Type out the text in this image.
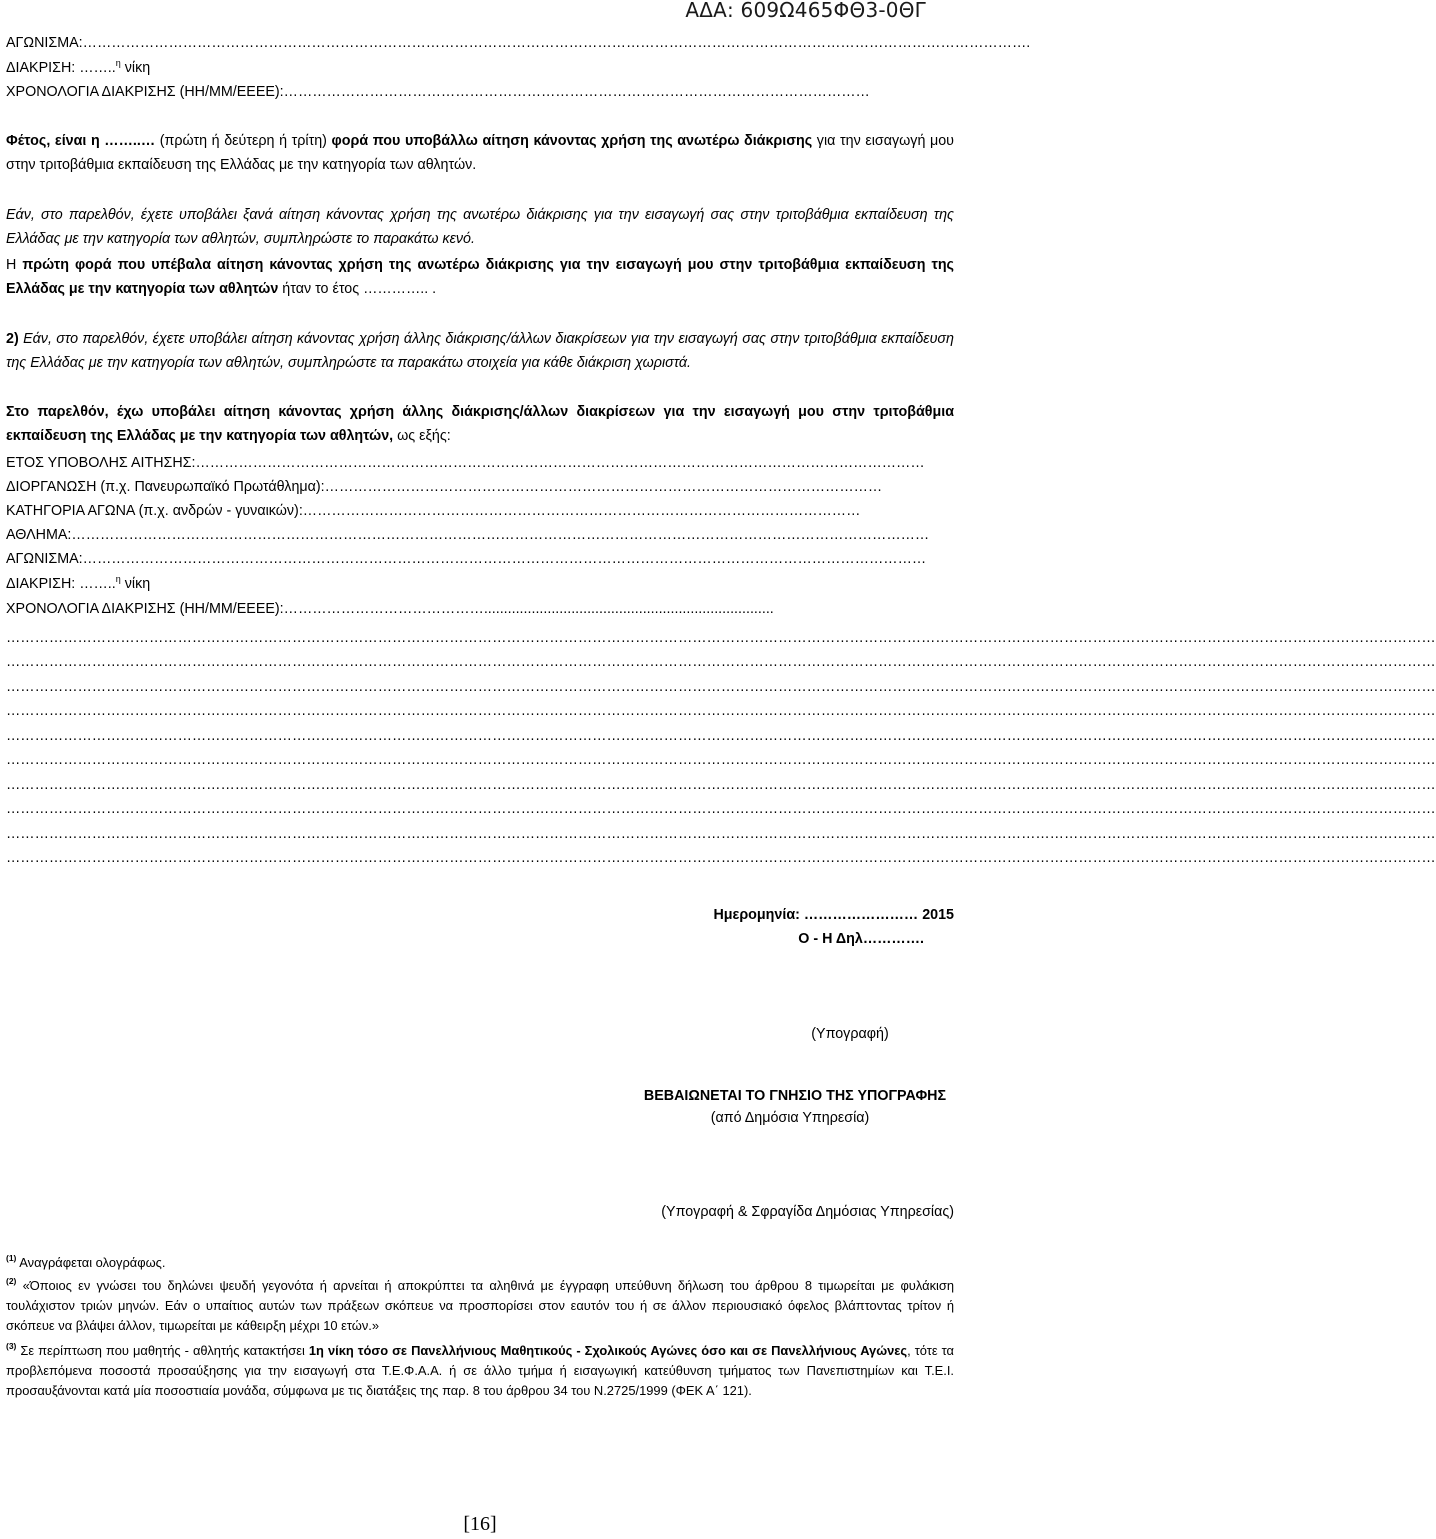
ΑΔΑ: 609Ω465ΦΘ3-0ΘΓ
ΑΓΩΝΙΣΜΑ: ……………………………………………………………………………………………………………………………………………………………………………….
ΔΙΑΚΡΙΣΗ: ……..$^\eta$ νίκη
ΧΡΟΝΟΛΟΓΙΑ ΔΙΑΚΡΙΣΗΣ (ΗΗ/ΜΜ/ΕΕΕΕ): ……………………………………………………………………………………………………………
Φέτος, είναι η ……..… (πρώτη ή δεύτερη ή τρίτη) φορά που υποβάλλω αίτηση κάνοντας χρήση της ανωτέρω διάκρισης για την εισαγωγή μου στην τριτοβάθμια εκπαίδευση της Ελλάδας με την κατηγορία των αθλητών.
Εάν, στο παρελθόν, έχετε υποβάλει ξανά αίτηση κάνοντας χρήση της ανωτέρω διάκρισης για την εισαγωγή σας στην τριτοβάθμια εκπαίδευση της Ελλάδας με την κατηγορία των αθλητών, συμπληρώστε το παρακάτω κενό.
Η πρώτη φορά που υπέβαλα αίτηση κάνοντας χρήση της ανωτέρω διάκρισης για την εισαγωγή μου στην τριτοβάθμια εκπαίδευση της Ελλάδας με την κατηγορία των αθλητών ήταν το έτος ………….. .
2) Εάν, στο παρελθόν, έχετε υποβάλει αίτηση κάνοντας χρήση άλλης διάκρισης/άλλων διακρίσεων για την εισαγωγή σας στην τριτοβάθμια εκπαίδευση της Ελλάδας με την κατηγορία των αθλητών, συμπληρώστε τα παρακάτω στοιχεία για κάθε διάκριση χωριστά.
Στο παρελθόν, έχω υποβάλει αίτηση κάνοντας χρήση άλλης διάκρισης/άλλων διακρίσεων για την εισαγωγή μου στην τριτοβάθμια εκπαίδευση της Ελλάδας με την κατηγορία των αθλητών, ως εξής:
ΕΤΟΣ ΥΠΟΒΟΛΗΣ ΑΙΤΗΣΗΣ: ………………………………………………………………………………………………………………………………………
ΔΙΟΡΓΑΝΩΣΗ (π.χ. Πανευρωπαϊκό Πρωτάθλημα): ………………………………………………………………………………………………………
ΚΑΤΗΓΟΡΙΑ ΑΓΩΝΑ (π.χ. ανδρών - γυναικών): ………………………………………………………………………………………………………
ΑΘΛΗΜΑ: ………………………………………………………………………………………………………………………………………………………………
ΑΓΩΝΙΣΜΑ: ……………………………………………………………………………………………………………………………………………………………
ΔΙΑΚΡΙΣΗ: ……..$^\eta$ νίκη
ΧΡΟΝΟΛΟΓΙΑ ΔΙΑΚΡΙΣΗΣ (ΗΗ/ΜΜ/ΕΕΕΕ): …………………………………….........................................................................
…………………………………………………………………………………………………………………………………………………………………………………………………………………………………………………………………………
…………………………………………………………………………………………………………………………………………………………………………………………………………………………………………………………………………
…………………………………………………………………………………………………………………………………………………………………………………………………………………………………………………………………………
…………………………………………………………………………………………………………………………………………………………………………………………………………………………………………………………………………
…………………………………………………………………………………………………………………………………………………………………………………………………………………………………………………………………………
…………………………………………………………………………………………………………………………………………………………………………………………………………………………………………………………………………
…………………………………………………………………………………………………………………………………………………………………………………………………………………………………………………………………………
…………………………………………………………………………………………………………………………………………………………………………………………………………………………………………………………………………
…………………………………………………………………………………………………………………………………………………………………………………………………………………………………………………………………………
…………………………………………………………………………………………………………………………………………………………………………………………………………………………………………………………………………
Ημερομηνία: …………………… 2015
Ο - Η Δηλ………….
(Υπογραφή)
ΒΕΒΑΙΩΝΕΤΑΙ ΤΟ ΓΝΗΣΙΟ ΤΗΣ ΥΠΟΓΡΑΦΗΣ
(από Δημόσια Υπηρεσία)
(Υπογραφή & Σφραγίδα Δημόσιας Υπηρεσίας)
$^{(1)}$ Αναγράφεται ολογράφως.
$^{(2)}$ «Όποιος εν γνώσει του δηλώνει ψευδή γεγονότα ή αρνείται ή αποκρύπτει τα αληθινά με έγγραφη υπεύθυνη δήλωση του άρθρου 8 τιμωρείται με φυλάκιση τουλάχιστον τριών μηνών. Εάν ο υπαίτιος αυτών των πράξεων σκόπευε να προσπορίσει στον εαυτόν του ή σε άλλον περιουσιακό όφελος βλάπτοντας τρίτον ή σκόπευε να βλάψει άλλον, τιμωρείται με κάθειρξη μέχρι 10 ετών.»
$^{(3)}$ Σε περίπτωση που μαθητής - αθλητής κατακτήσει 1η νίκη τόσο σε Πανελλήνιους Μαθητικούς - Σχολικούς Αγώνες όσο και σε Πανελλήνιους Αγώνες, τότε τα προβλεπόμενα ποσοστά προσαύξησης για την εισαγωγή στα Τ.Ε.Φ.Α.Α. ή σε άλλο τμήμα ή εισαγωγική κατεύθυνση τμήματος των Πανεπιστημίων και Τ.Ε.Ι. προσαυξάνονται κατά μία ποσοστιαία μονάδα, σύμφωνα με τις διατάξεις της παρ. 8 του άρθρου 34 του Ν.2725/1999 (ΦΕΚ Α΄ 121).
[16]
